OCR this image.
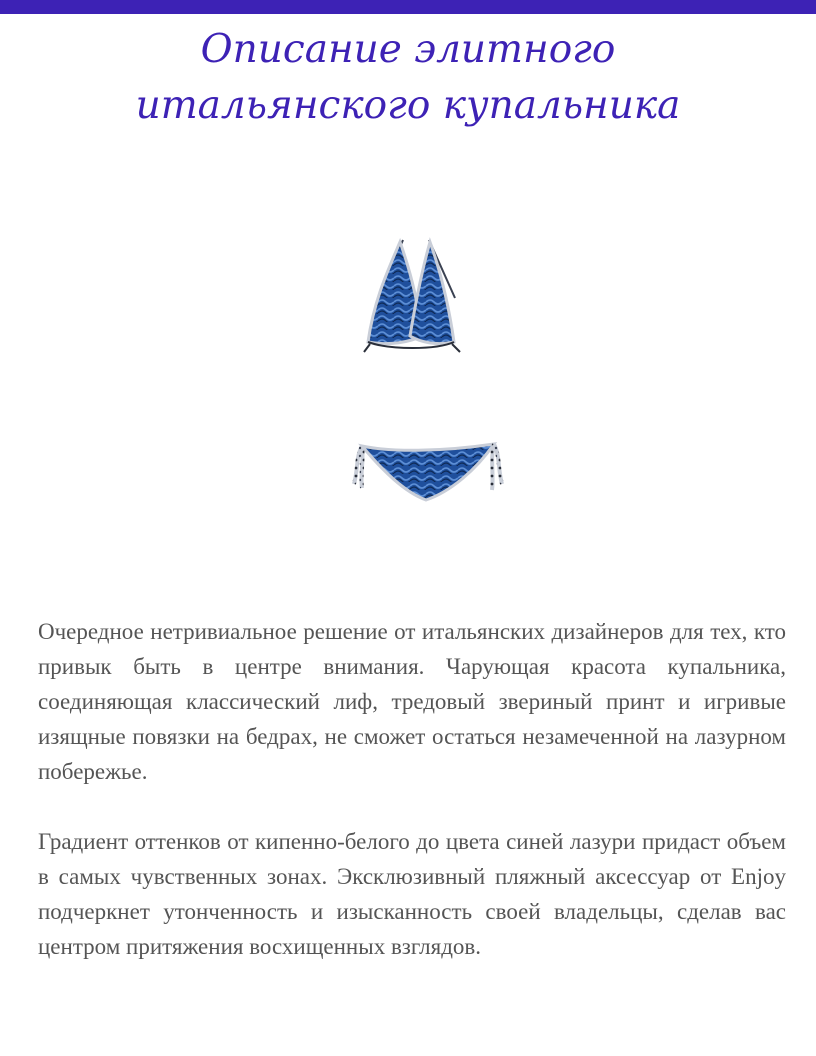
Описание элитного
итальянского купальника

Очередное нетривиальное решение от итальянских дизайнеров для тех, кто привык быть в центре внимания. Чарующая красота купальника, соединяющая классический лиф, тредовый звериный принт и игривые изящные повязки на бедрах, не сможет остаться незамеченной на лазурном побережье.

Градиент оттенков от кипенно-белого до цвета синей лазури придаст объем в самых чувственных зонах. Эксклюзивный пляжный аксессуар от Enjoy подчеркнет утонченность и изысканность своей владельцы, сделав вас центром притяжения восхищенных взглядов.
